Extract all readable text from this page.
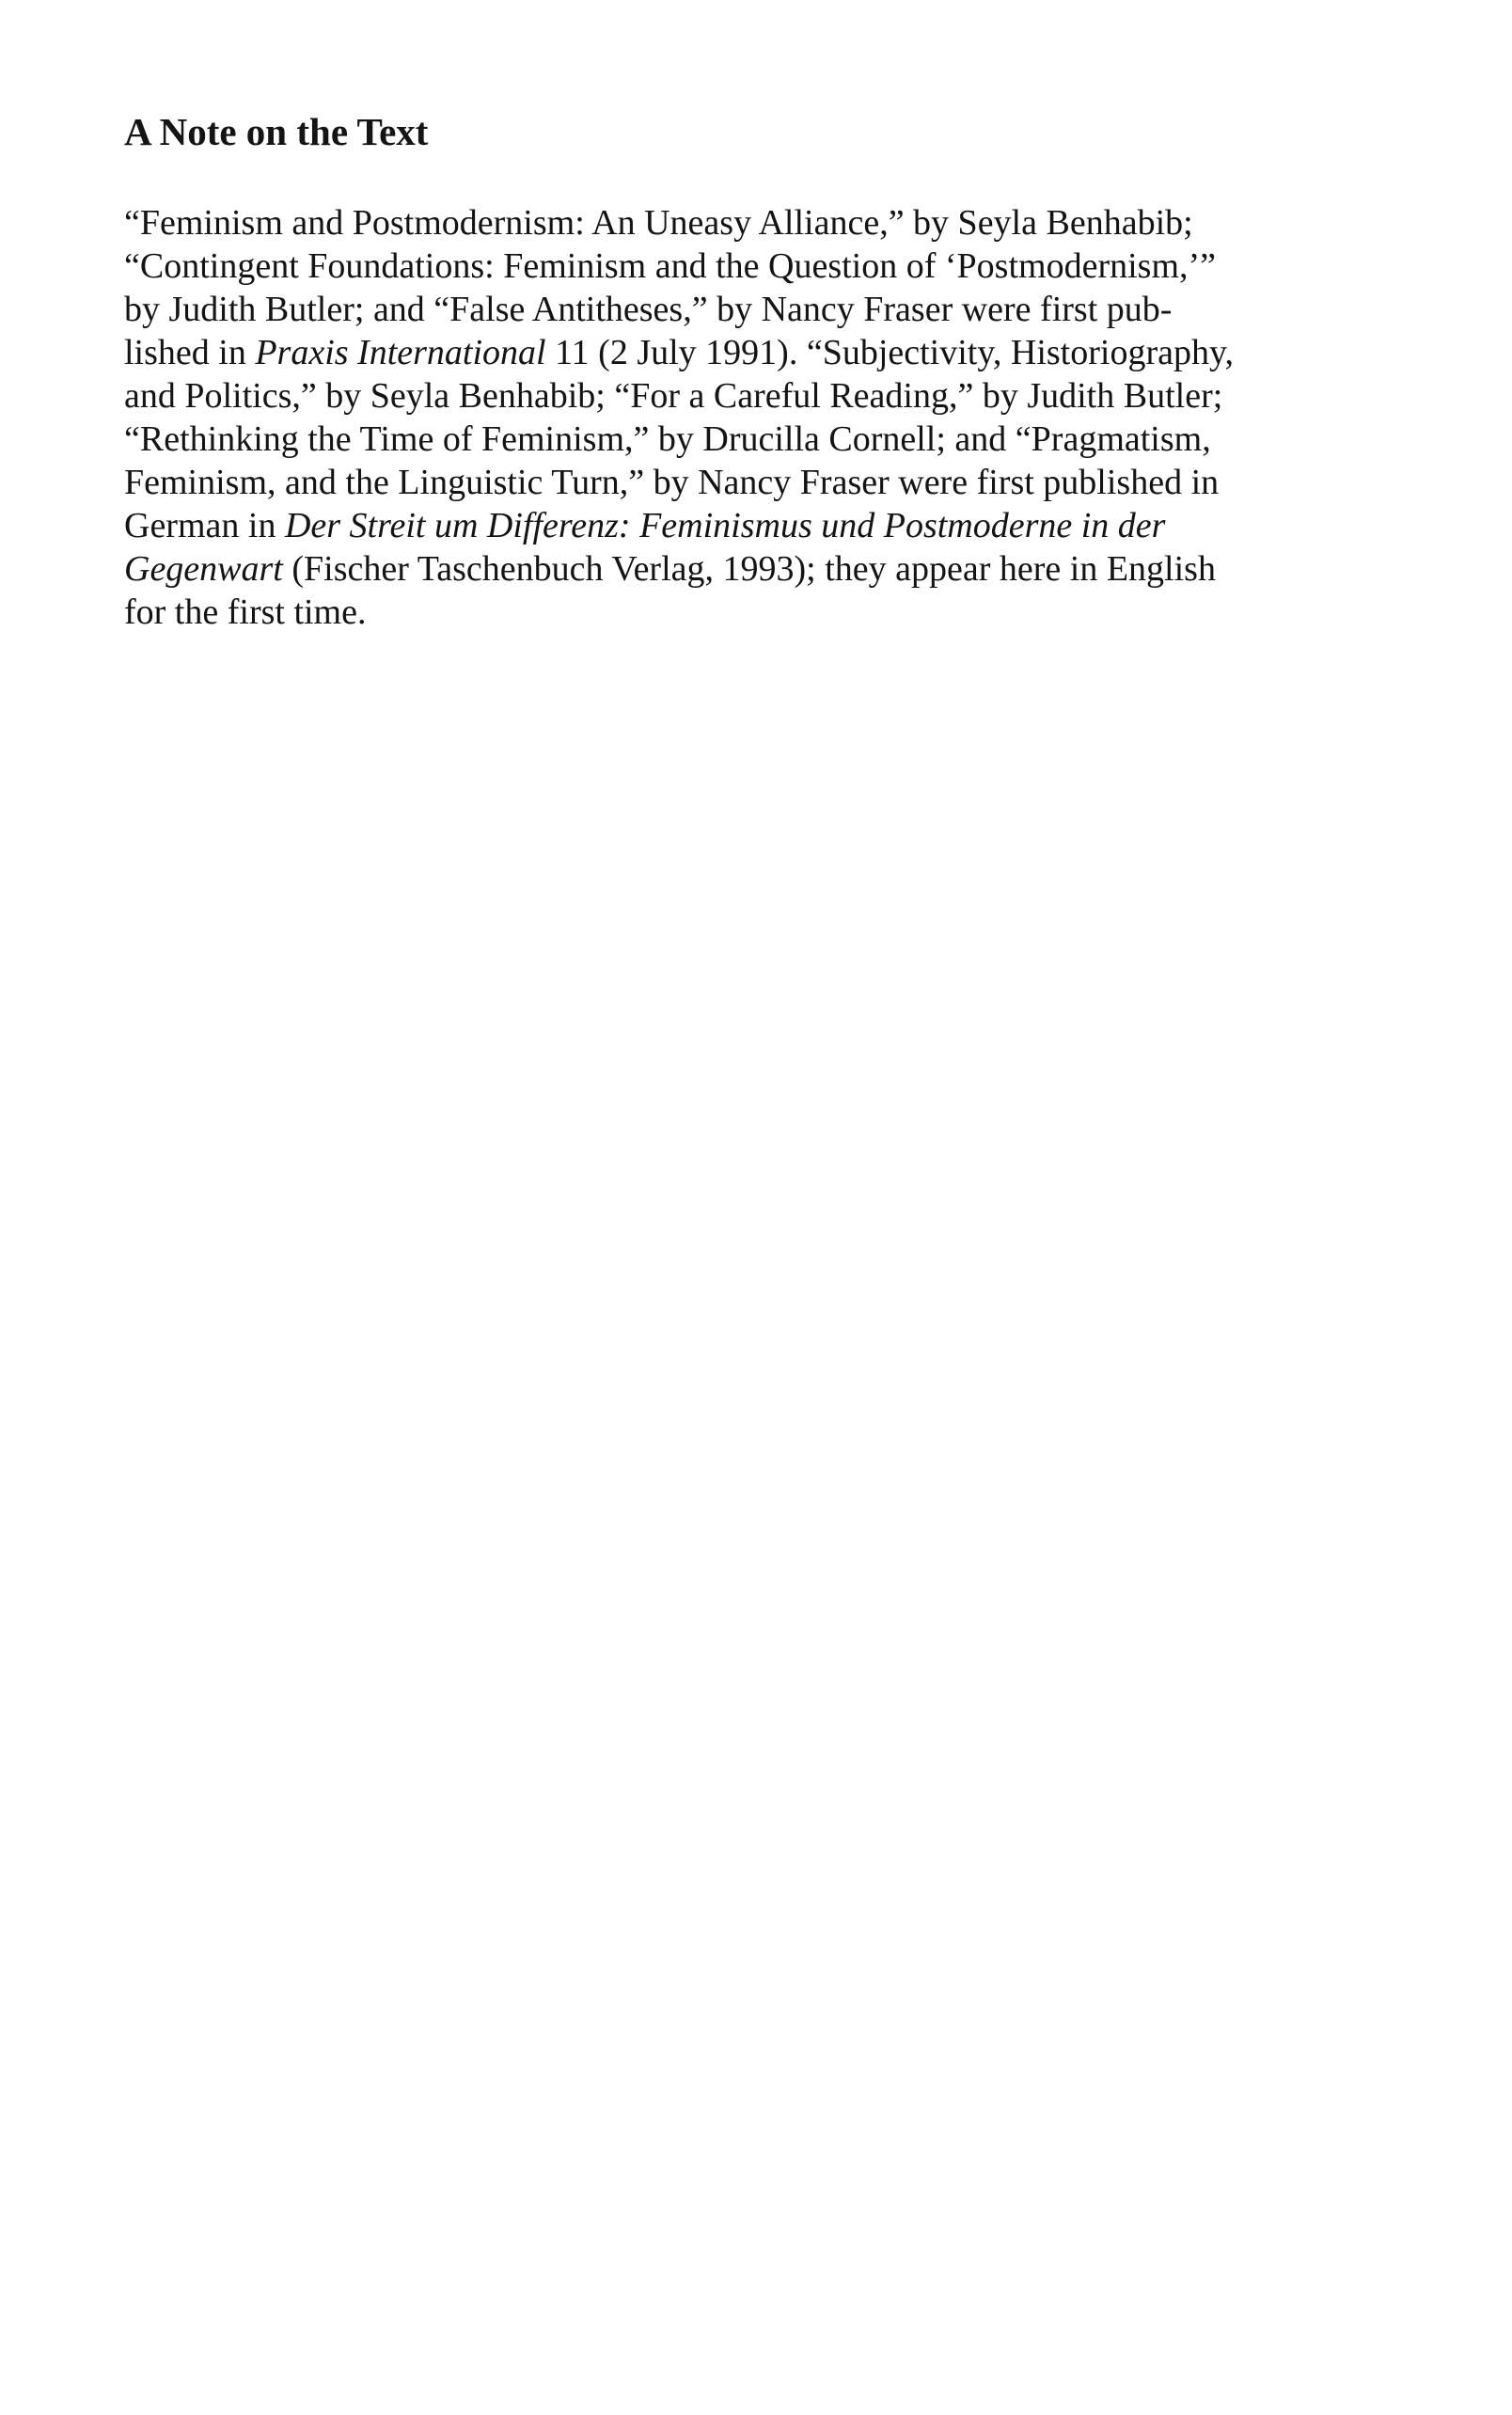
A Note on the Text
“Feminism and Postmodernism: An Uneasy Alliance,” by Seyla Benhabib;
“Contingent Foundations: Feminism and the Question of ‘Postmodernism,’”
by Judith Butler; and “False Antitheses,” by Nancy Fraser were first pub-
lished in Praxis International 11 (2 July 1991). “Subjectivity, Historiography,
and Politics,” by Seyla Benhabib; “For a Careful Reading,” by Judith Butler;
“Rethinking the Time of Feminism,” by Drucilla Cornell; and “Pragmatism,
Feminism, and the Linguistic Turn,” by Nancy Fraser were first published in
German in Der Streit um Differenz: Feminismus und Postmoderne in der
Gegenwart (Fischer Taschenbuch Verlag, 1993); they appear here in English
for the first time.
